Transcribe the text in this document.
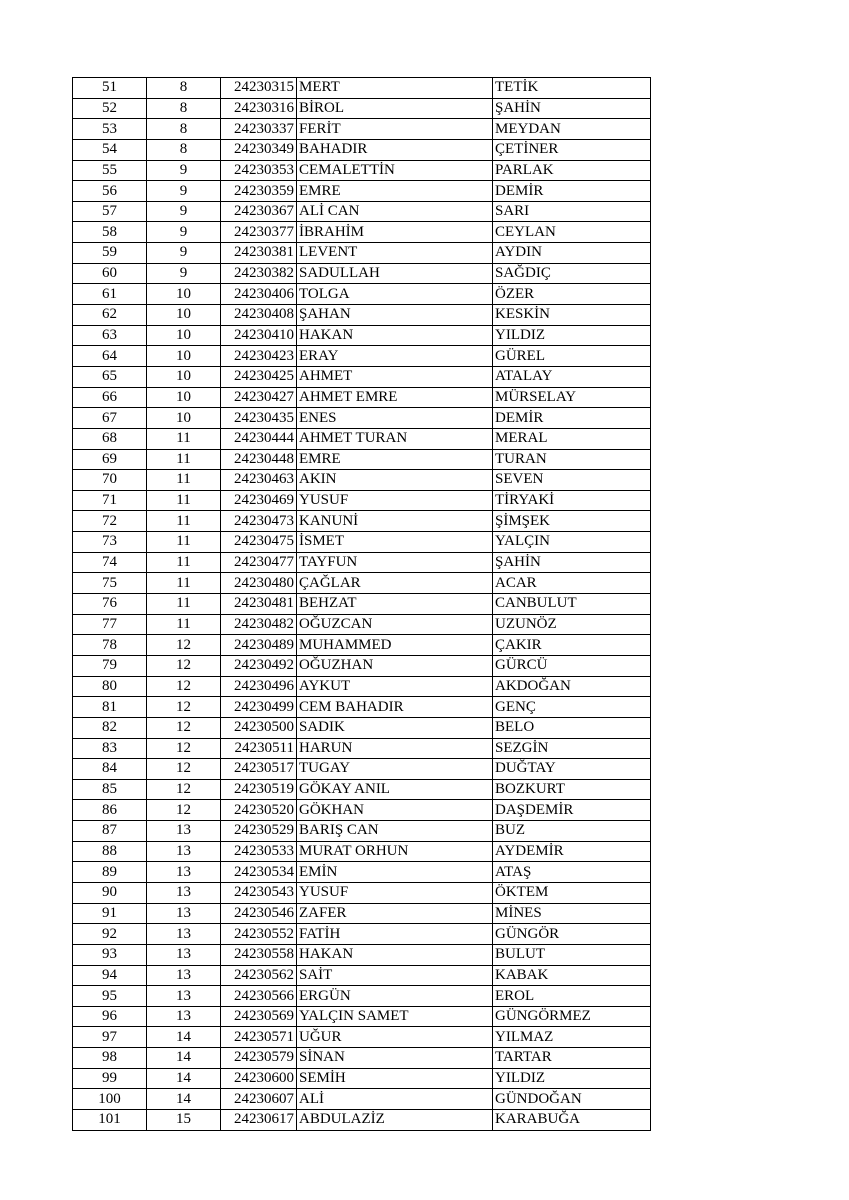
51	8	24230315	MERT	TETİK
52	8	24230316	BİROL	ŞAHİN
53	8	24230337	FERİT	MEYDAN
54	8	24230349	BAHADIR	ÇETİNER
55	9	24230353	CEMALETTİN	PARLAK
56	9	24230359	EMRE	DEMİR
57	9	24230367	ALİ CAN	SARI
58	9	24230377	İBRAHİM	CEYLAN
59	9	24230381	LEVENT	AYDIN
60	9	24230382	SADULLAH	SAĞDIÇ
61	10	24230406	TOLGA	ÖZER
62	10	24230408	ŞAHAN	KESKİN
63	10	24230410	HAKAN	YILDIZ
64	10	24230423	ERAY	GÜREL
65	10	24230425	AHMET	ATALAY
66	10	24230427	AHMET EMRE	MÜRSELAY
67	10	24230435	ENES	DEMİR
68	11	24230444	AHMET TURAN	MERAL
69	11	24230448	EMRE	TURAN
70	11	24230463	AKIN	SEVEN
71	11	24230469	YUSUF	TİRYAKİ
72	11	24230473	KANUNİ	ŞİMŞEK
73	11	24230475	İSMET	YALÇIN
74	11	24230477	TAYFUN	ŞAHİN
75	11	24230480	ÇAĞLAR	ACAR
76	11	24230481	BEHZAT	CANBULUT
77	11	24230482	OĞUZCAN	UZUNÖZ
78	12	24230489	MUHAMMED	ÇAKIR
79	12	24230492	OĞUZHAN	GÜRCÜ
80	12	24230496	AYKUT	AKDOĞAN
81	12	24230499	CEM BAHADIR	GENÇ
82	12	24230500	SADIK	BELO
83	12	24230511	HARUN	SEZGİN
84	12	24230517	TUGAY	DUĞTAY
85	12	24230519	GÖKAY ANIL	BOZKURT
86	12	24230520	GÖKHAN	DAŞDEMİR
87	13	24230529	BARIŞ CAN	BUZ
88	13	24230533	MURAT ORHUN	AYDEMİR
89	13	24230534	EMİN	ATAŞ
90	13	24230543	YUSUF	ÖKTEM
91	13	24230546	ZAFER	MİNES
92	13	24230552	FATİH	GÜNGÖR
93	13	24230558	HAKAN	BULUT
94	13	24230562	SAİT	KABAK
95	13	24230566	ERGÜN	EROL
96	13	24230569	YALÇIN SAMET	GÜNGÖRMEZ
97	14	24230571	UĞUR	YILMAZ
98	14	24230579	SİNAN	TARTAR
99	14	24230600	SEMİH	YILDIZ
100	14	24230607	ALİ	GÜNDOĞAN
101	15	24230617	ABDULAZİZ	KARABUĞA
